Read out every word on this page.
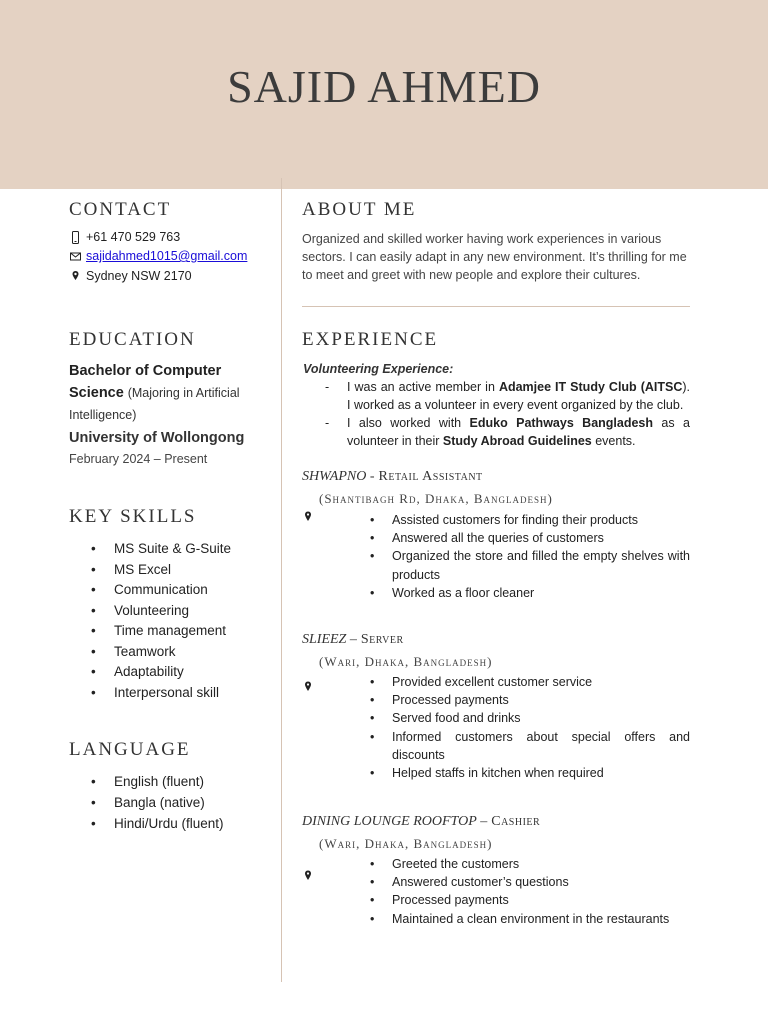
SAJID AHMED
CONTACT
+61 470 529 763
sajidahmed1015@gmail.com
Sydney NSW 2170
EDUCATION
Bachelor of Computer Science (Majoring in Artificial Intelligence)
University of Wollongong
February 2024 – Present
KEY SKILLS
• MS Suite & G-Suite
• MS Excel
• Communication
• Volunteering
• Time management
• Teamwork
• Adaptability
• Interpersonal skill
LANGUAGE
• English (fluent)
• Bangla (native)
• Hindi/Urdu (fluent)
ABOUT ME
Organized and skilled worker having work experiences in various sectors. I can easily adapt in any new environment. It’s thrilling for me to meet and greet with new people and explore their cultures.
EXPERIENCE
Volunteering Experience:
-	I was an active member in Adamjee IT Study Club (AITSC). I worked as a volunteer in every event organized by the club.
-	I also worked with Eduko Pathways Bangladesh as a volunteer in their Study Abroad Guidelines events.
SHWAPNO - Retail Assistant
(Shantibagh Rd, Dhaka, Bangladesh)
• Assisted customers for finding their products
• Answered all the queries of customers
• Organized the store and filled the empty shelves with products
• Worked as a floor cleaner
SLIEEZ – Server
(Wari, Dhaka, Bangladesh)
• Provided excellent customer service
• Processed payments
• Served food and drinks
• Informed customers about special offers and discounts
• Helped staffs in kitchen when required
DINING LOUNGE ROOFTOP – Cashier
(Wari, Dhaka, Bangladesh)
• Greeted the customers
• Answered customer’s questions
• Processed payments
• Maintained a clean environment in the restaurants
